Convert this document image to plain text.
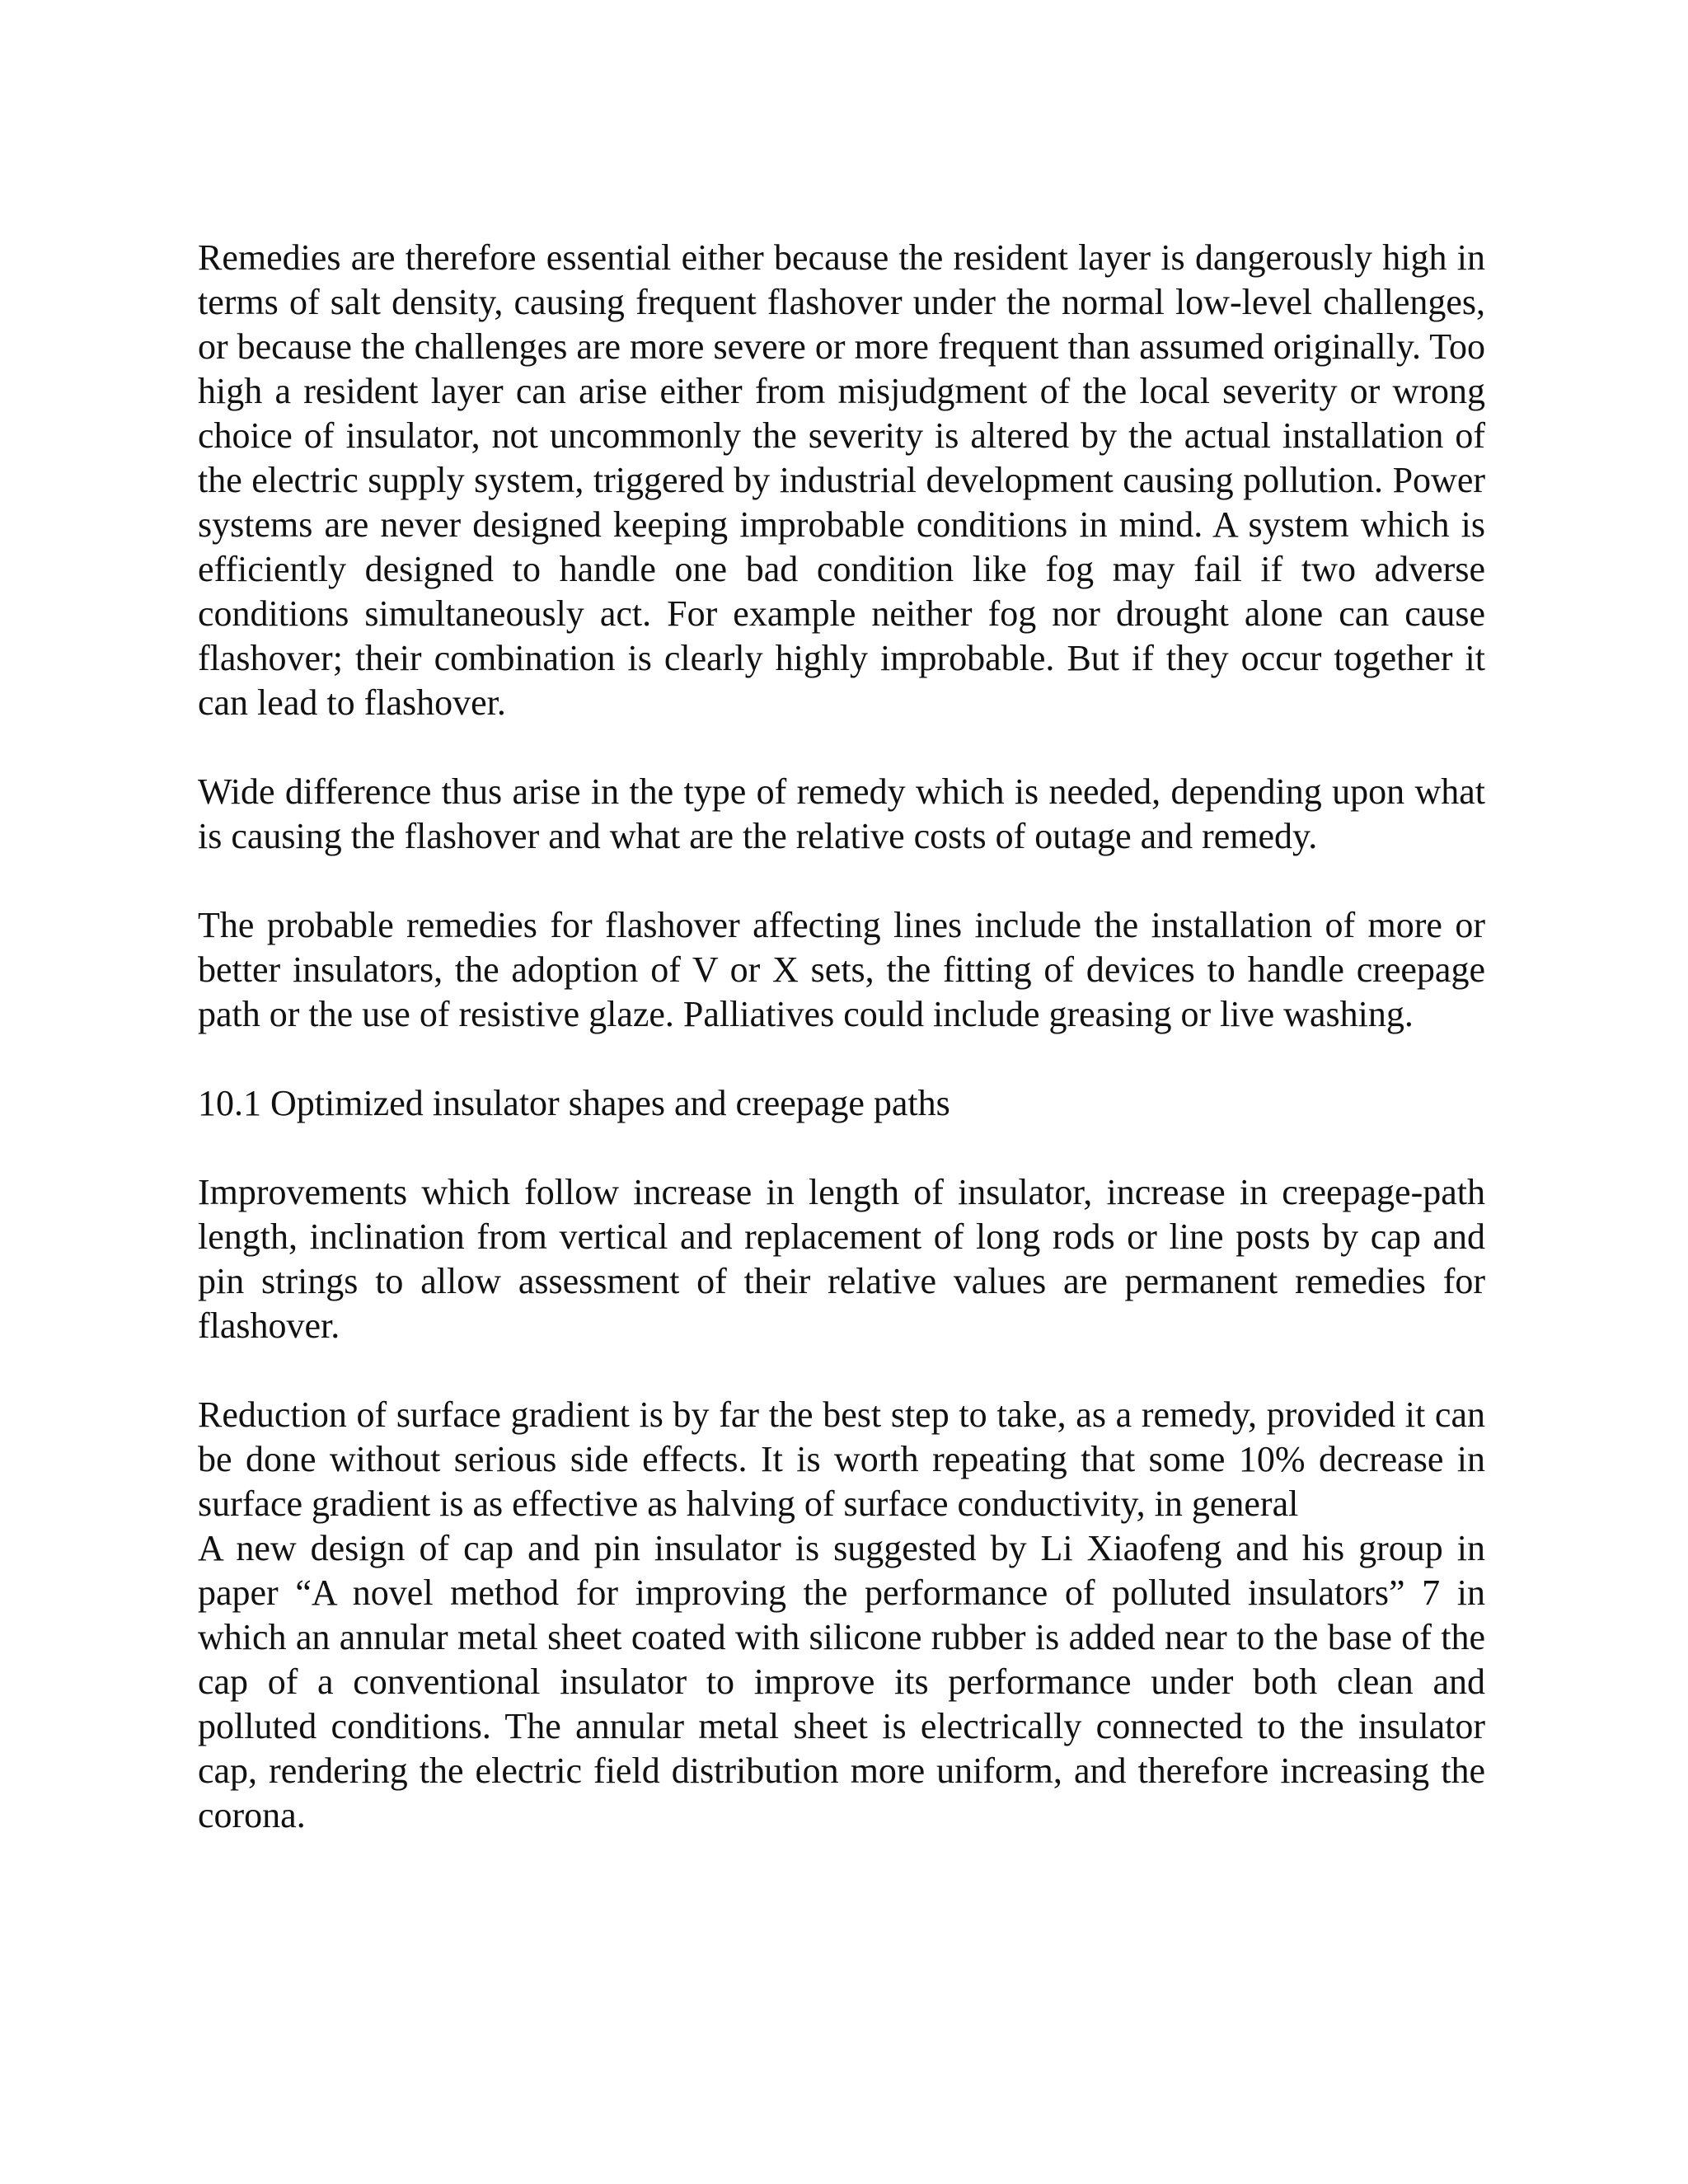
Remedies are therefore essential either because the resident layer is dangerously high in terms of salt density, causing frequent flashover under the normal low-level challenges, or because the challenges are more severe or more frequent than assumed originally. Too high a resident layer can arise either from misjudgment of the local severity or wrong choice of insulator, not uncommonly the severity is altered by the actual installation of the electric supply system, triggered by industrial development causing pollution. Power systems are never designed keeping improbable conditions in mind. A system which is efficiently designed to handle one bad condition like fog may fail if two adverse conditions simultaneously act. For example neither fog nor drought alone can cause flashover; their combination is clearly highly improbable. But if they occur together it can lead to flashover.

Wide difference thus arise in the type of remedy which is needed, depending upon what is causing the flashover and what are the relative costs of outage and remedy.

The probable remedies for flashover affecting lines include the installation of more or better insulators, the adoption of V or X sets, the fitting of devices to handle creepage path or the use of resistive glaze. Palliatives could include greasing or live washing.

10.1 Optimized insulator shapes and creepage paths

Improvements which follow increase in length of insulator, increase in creepage-path length, inclination from vertical and replacement of long rods or line posts by cap and pin strings to allow assessment of their relative values are permanent remedies for flashover.

Reduction of surface gradient is by far the best step to take, as a remedy, provided it can be done without serious side effects. It is worth repeating that some 10% decrease in surface gradient is as effective as halving of surface conductivity, in general

A new design of cap and pin insulator is suggested by Li Xiaofeng and his group in paper “A novel method for improving the performance of polluted insulators” 7 in which an annular metal sheet coated with silicone rubber is added near to the base of the cap of a conventional insulator to improve its performance under both clean and polluted conditions. The annular metal sheet is electrically connected to the insulator cap, rendering the electric field distribution more uniform, and therefore increasing the corona.
